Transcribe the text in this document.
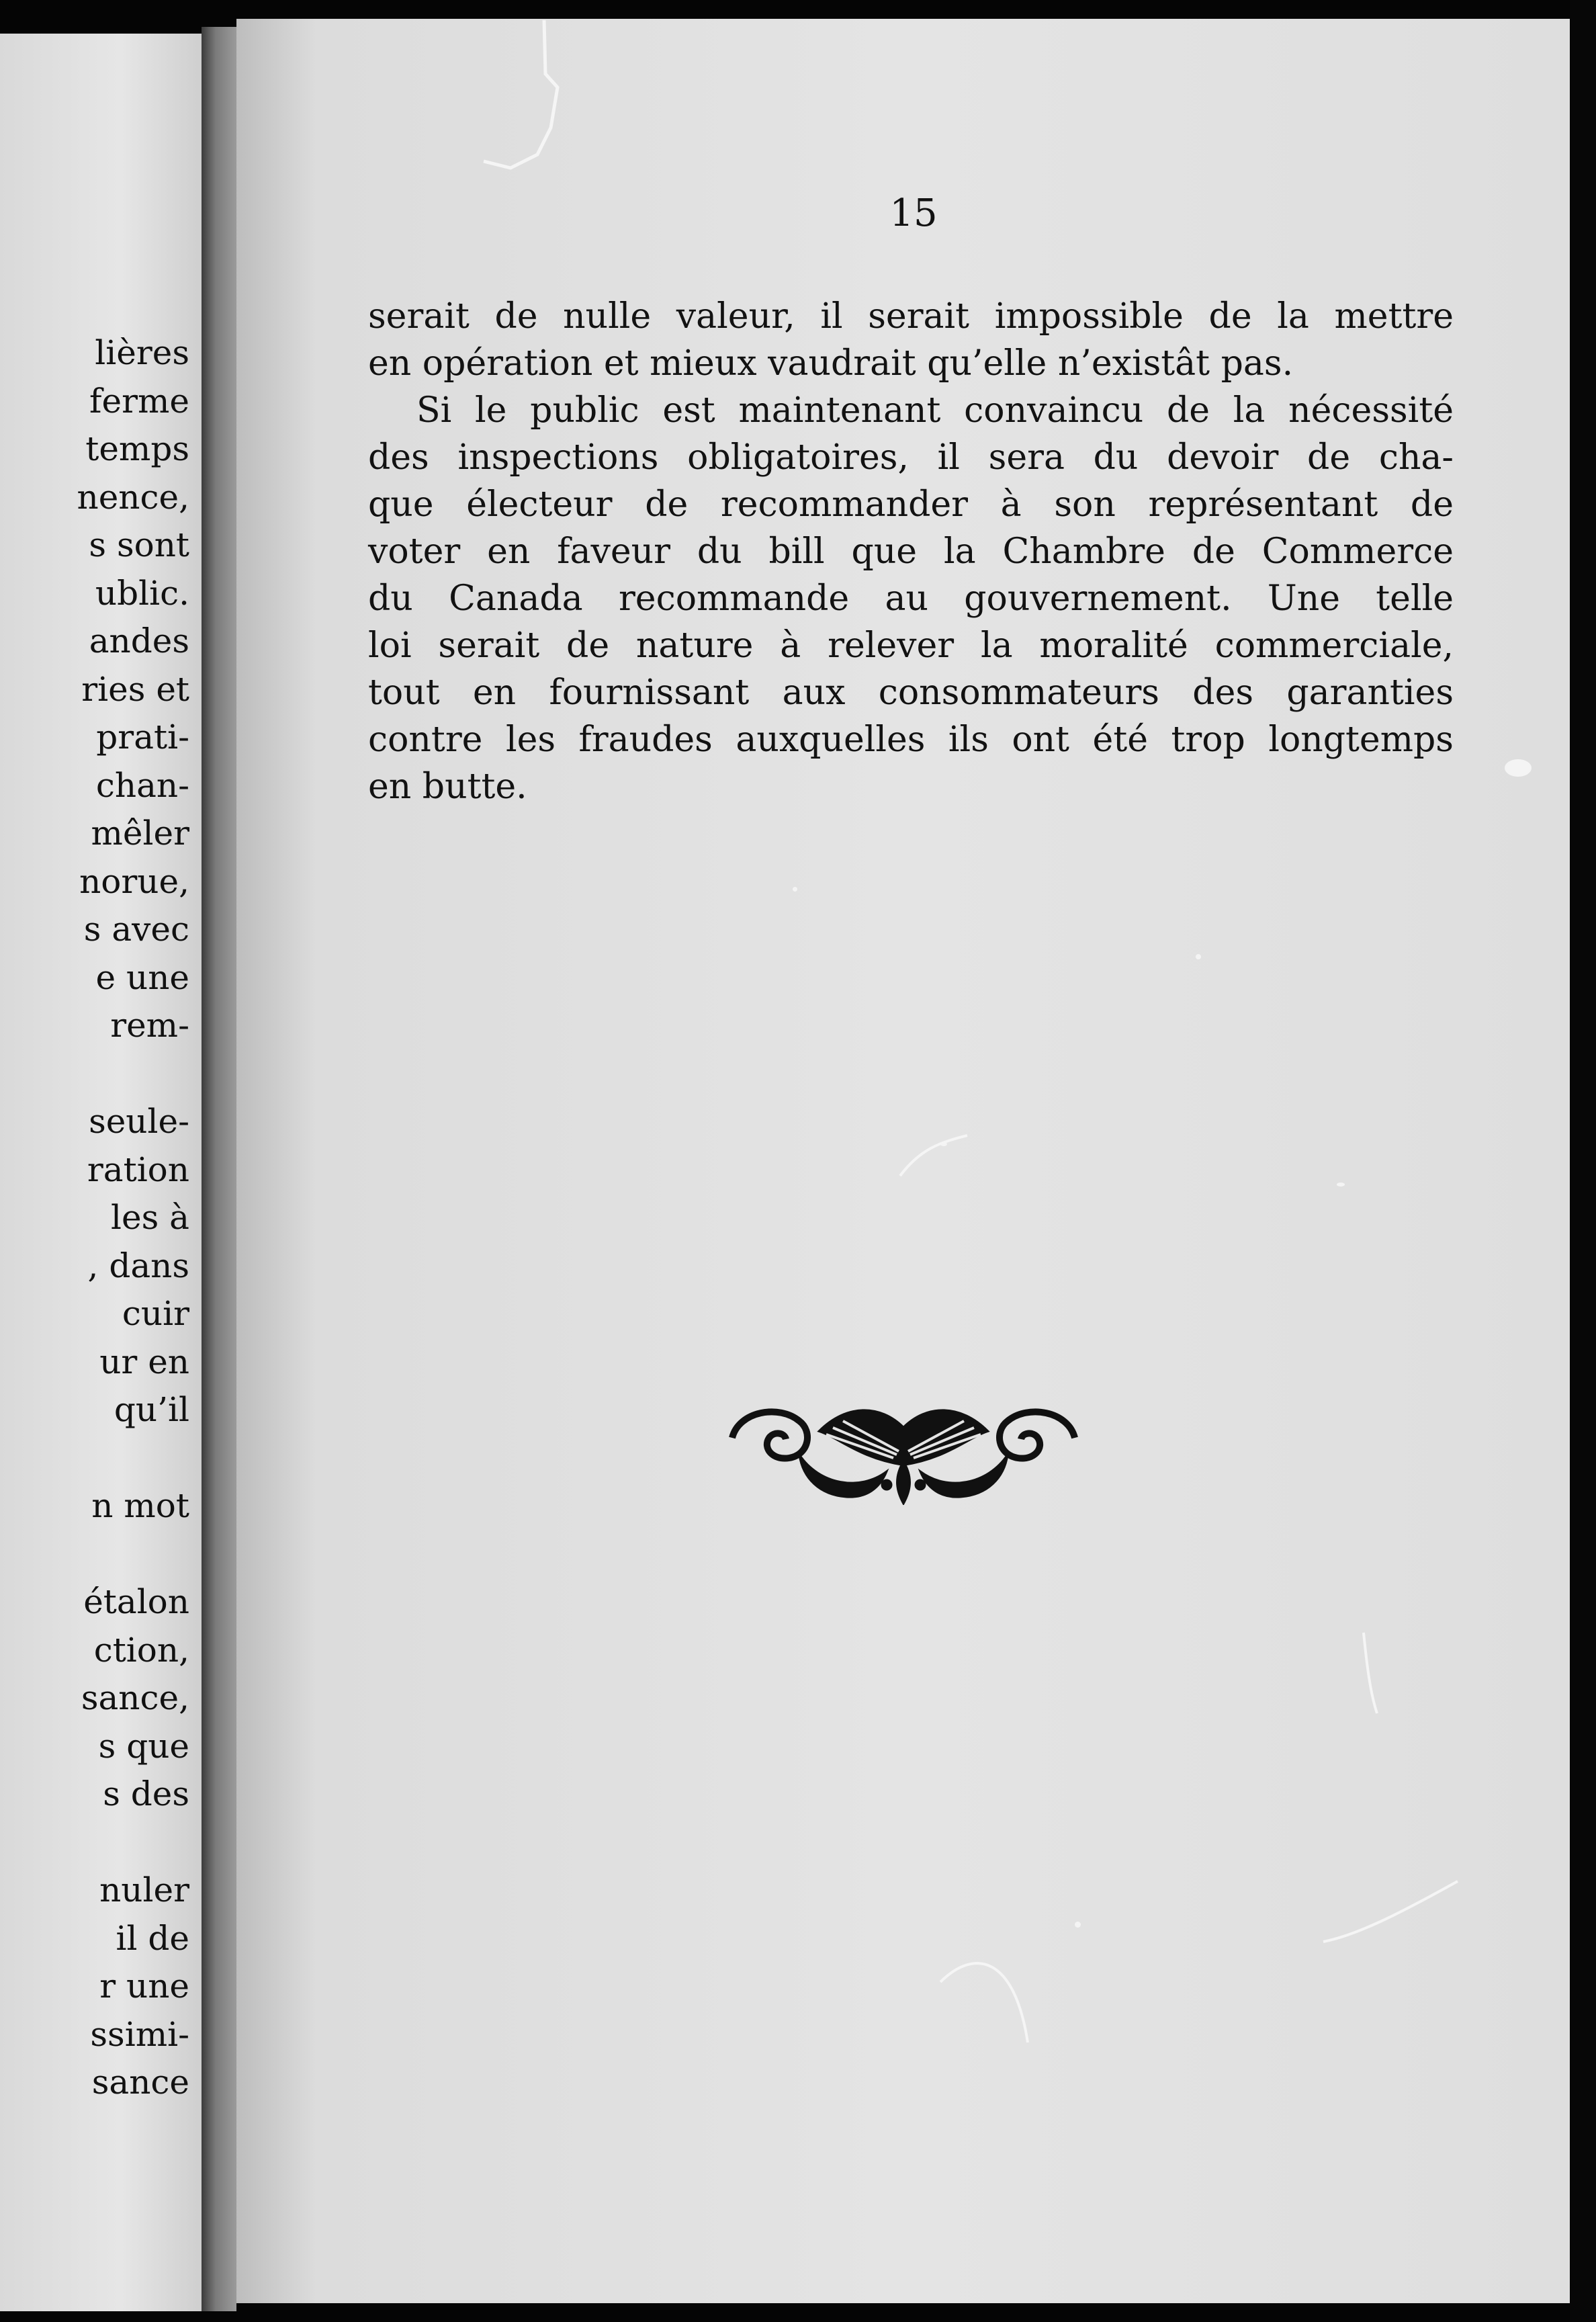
lières
ferme
temps
nence,
s sont
ublic.
andes
ries et
prati-
chan-
mêler
norue,
s avec
e une
rem-
seule-
ration
les à
, dans
cuir
ur en
qu’il
n mot
étalon
ction,
sance,
s que
s des
nuler
il de
r une
ssimi-
sance
15
serait de nulle valeur, il serait impossible de la mettre
en opération et mieux vaudrait qu’elle n’existât pas.
Si le public est maintenant convaincu de la nécessité
des inspections obligatoires, il sera du devoir de cha-
que électeur de recommander à son représentant de
voter en faveur du bill que la Chambre de Commerce
du Canada recommande au gouvernement. Une telle
loi serait de nature à relever la moralité commerciale,
tout en fournissant aux consommateurs des garanties
contre les fraudes auxquelles ils ont été trop longtemps
en butte.
